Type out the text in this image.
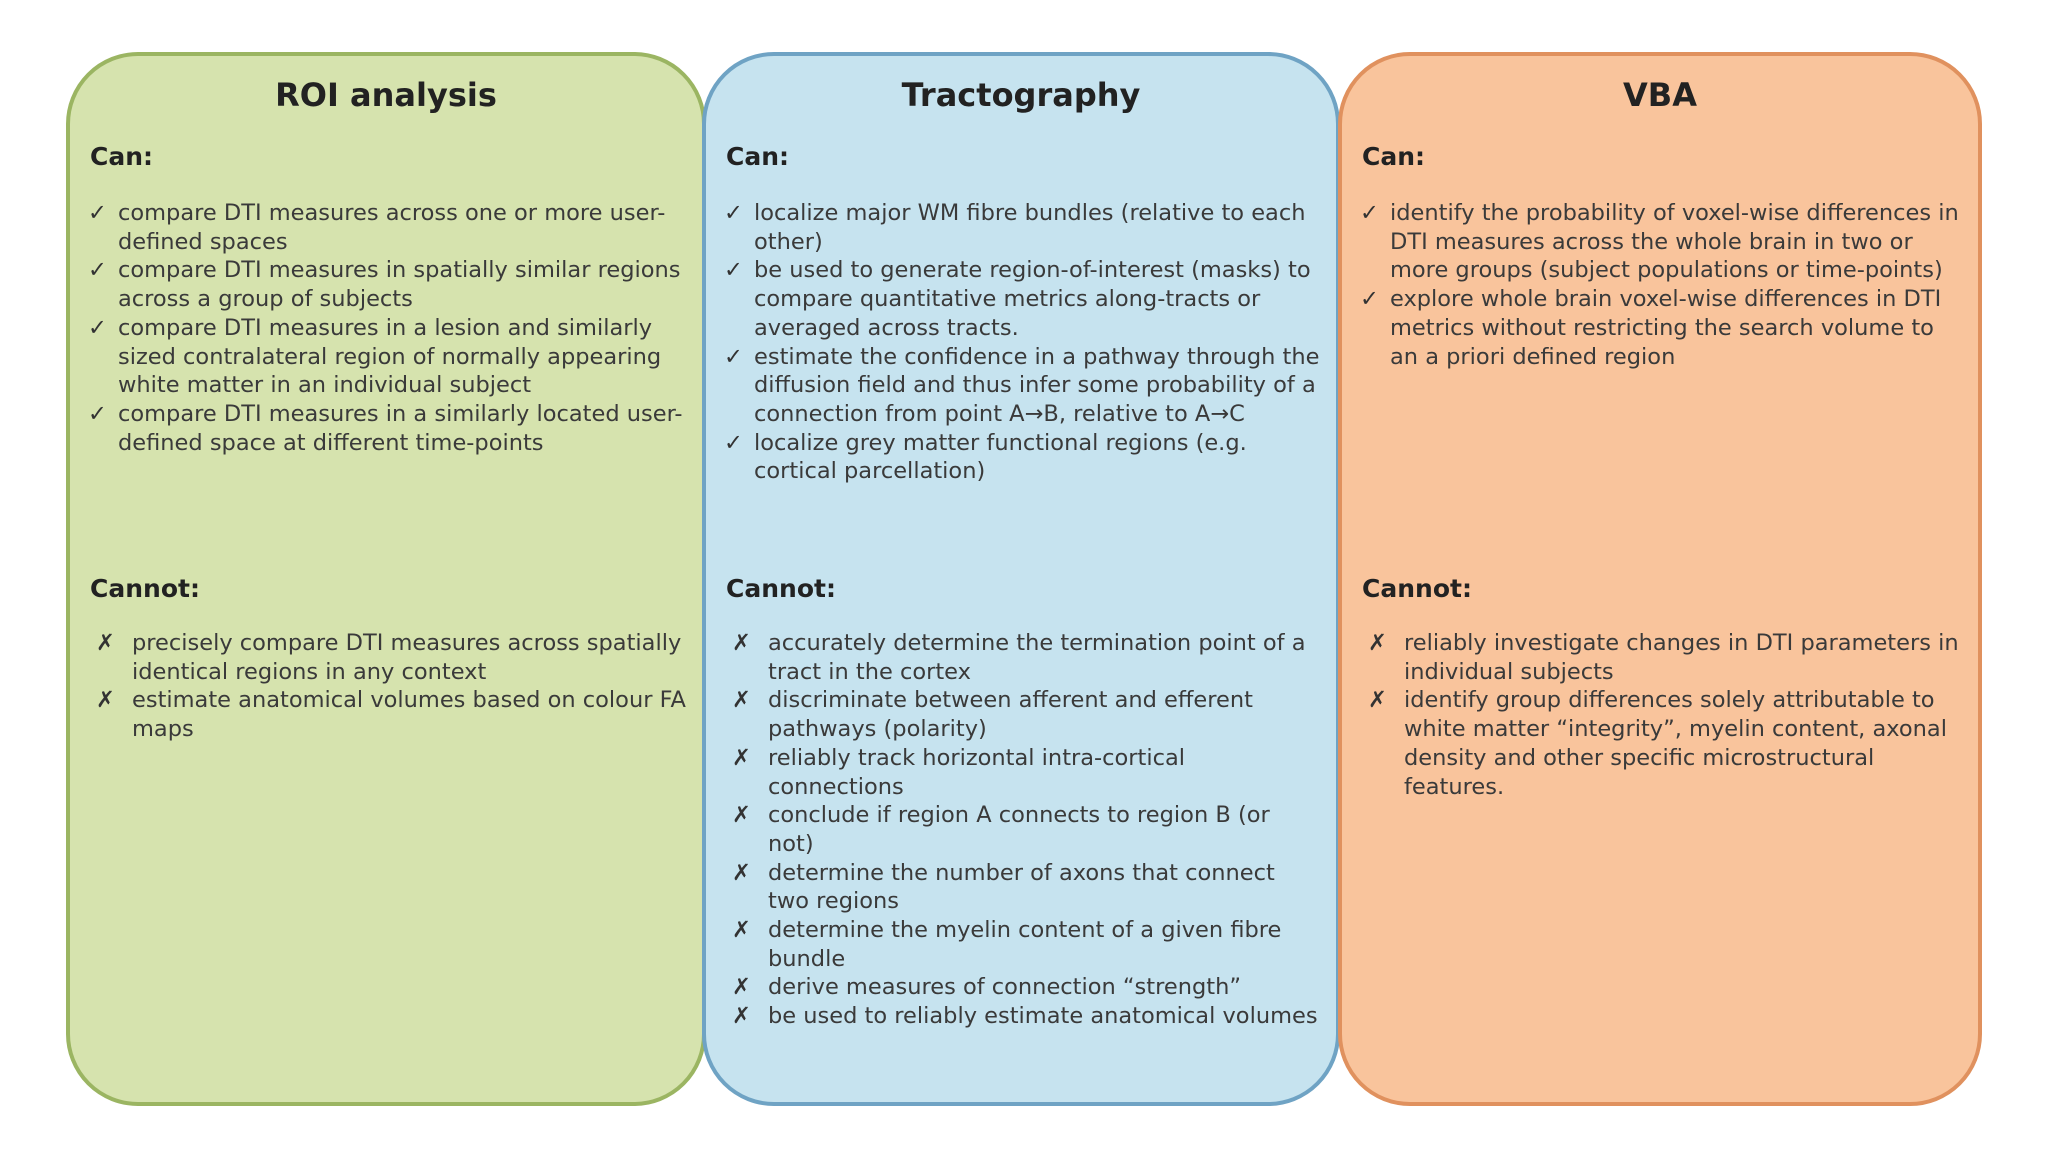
ROI analysis
Can:
✓ compare DTI measures across one or more user-defined spaces
✓ compare DTI measures in spatially similar regions across a group of subjects
✓ compare DTI measures in a lesion and similarly sized contralateral region of normally appearing white matter in an individual subject
✓ compare DTI measures in a similarly located user-defined space at different time-points
Cannot:
✗ precisely compare DTI measures across spatially identical regions in any context
✗ estimate anatomical volumes based on colour FA maps
Tractography
Can:
✓ localize major WM fibre bundles (relative to each other)
✓ be used to generate region-of-interest (masks) to compare quantitative metrics along-tracts or averaged across tracts.
✓ estimate the confidence in a pathway through the diffusion field and thus infer some probability of a connection from point A→B, relative to A→C
✓ localize grey matter functional regions (e.g. cortical parcellation)
Cannot:
✗ accurately determine the termination point of a tract in the cortex
✗ discriminate between afferent and efferent pathways (polarity)
✗ reliably track horizontal intra-cortical connections
✗ conclude if region A connects to region B (or not)
✗ determine the number of axons that connect two regions
✗ determine the myelin content of a given fibre bundle
✗ derive measures of connection “strength”
✗ be used to reliably estimate anatomical volumes
VBA
Can:
✓ identify the probability of voxel-wise differences in DTI measures across the whole brain in two or more groups (subject populations or time-points)
✓ explore whole brain voxel-wise differences in DTI metrics without restricting the search volume to an a priori defined region
Cannot:
✗ reliably investigate changes in DTI parameters in individual subjects
✗ identify group differences solely attributable to white matter “integrity”, myelin content, axonal density and other specific microstructural features.
